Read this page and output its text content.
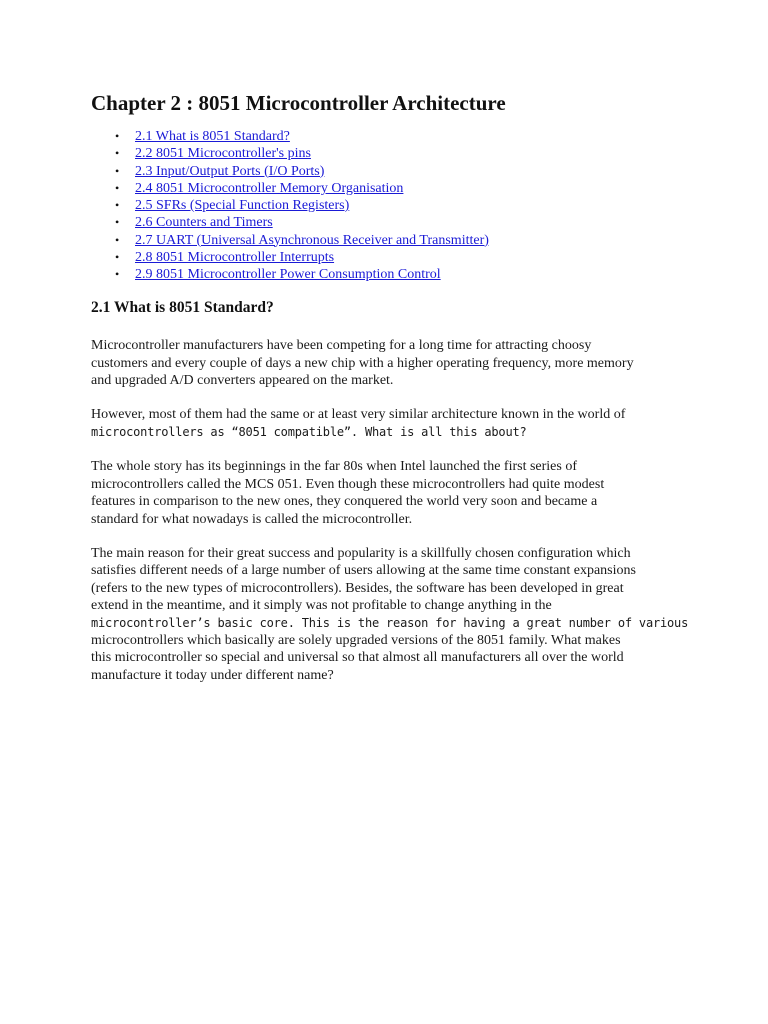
Chapter 2 : 8051 Microcontroller Architecture
• 2.1 What is 8051 Standard?
• 2.2 8051 Microcontroller's pins
• 2.3 Input/Output Ports (I/O Ports)
• 2.4 8051 Microcontroller Memory Organisation
• 2.5 SFRs (Special Function Registers)
• 2.6 Counters and Timers
• 2.7 UART (Universal Asynchronous Receiver and Transmitter)
• 2.8 8051 Microcontroller Interrupts
• 2.9 8051 Microcontroller Power Consumption Control
2.1 What is 8051 Standard?

Microcontroller manufacturers have been competing for a long time for attracting choosy
customers and every couple of days a new chip with a higher operating frequency, more memory
and upgraded A/D converters appeared on the market.

However, most of them had the same or at least very similar architecture known in the world of
microcontrollers as “8051 compatible”. What is all this about?

The whole story has its beginnings in the far 80s when Intel launched the first series of
microcontrollers called the MCS 051. Even though these microcontrollers had quite modest
features in comparison to the new ones, they conquered the world very soon and became a
standard for what nowadays is called the microcontroller.

The main reason for their great success and popularity is a skillfully chosen configuration which
satisfies different needs of a large number of users allowing at the same time constant expansions
(refers to the new types of microcontrollers). Besides, the software has been developed in great
extend in the meantime, and it simply was not profitable to change anything in the
microcontroller’s basic core. This is the reason for having a great number of various
microcontrollers which basically are solely upgraded versions of the 8051 family. What makes
this microcontroller so special and universal so that almost all manufacturers all over the world
manufacture it today under different name?
